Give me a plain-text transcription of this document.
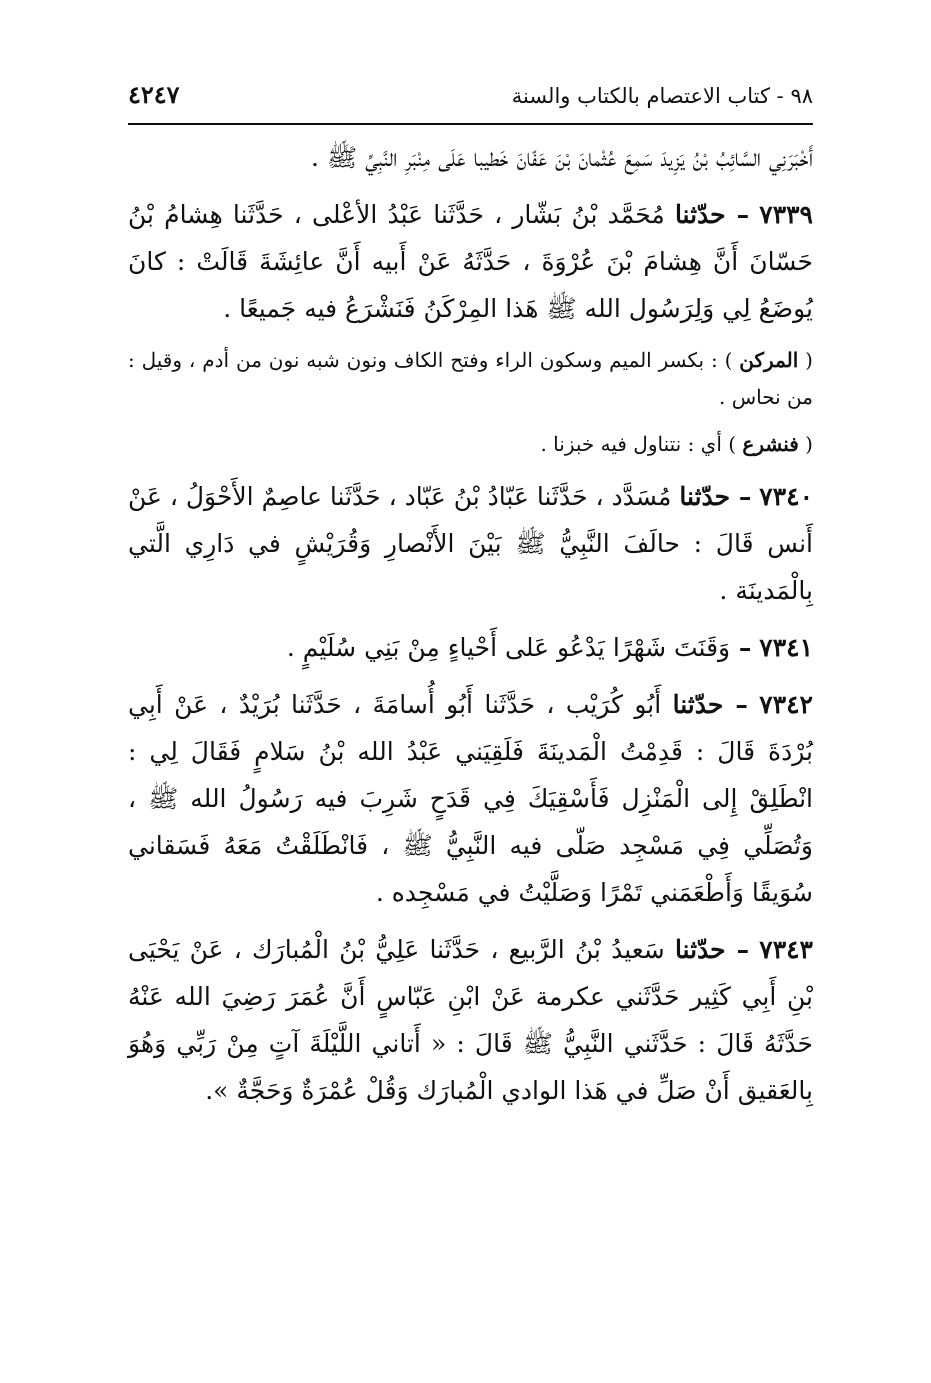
٩٨ - كتاب الاعتصام بالكتاب والسنة
٤٢٤٧

أَخْبَرَنِي السَّائِبُ بْنُ يَزِيدَ سَمِعَ عُثْمانَ بْنَ عَفّانَ خَطيبا عَلَى مِنْبَرِ النَّبِيِّ ﷺ .

٧٣٣٩ – حدّثنا مُحَمَّد بْنُ بَشّار ، حَدَّثَنا عَبْدُ الأعْلى ، حَدَّثَنا هِشامُ بْنُ حَسّانَ أَنَّ هِشامَ بْنَ عُرْوَةَ ، حَدَّثَهُ عَنْ أَبيه أَنَّ عائِشَةَ قَالَتْ : كانَ يُوضَعُ لِي وَلِرَسُول الله ﷺ هَذا المِرْكَنُ فَنَشْرَعُ فيه جَميعًا .

( المركن ) : بكسر الميم وسكون الراء وفتح الكاف ونون شبه نون من أدم ، وقيل : من نحاس .

( فنشرع ) أي : نتناول فيه خبزنا .

٧٣٤٠ – حدّثنا مُسَدَّد ، حَدَّثَنا عَبّادُ بْنُ عَبّاد ، حَدَّثَنا عاصِمٌ الأَحْوَلُ ، عَنْ أَنس قَالَ : حالَفَ النَّبِيُّ ﷺ بَيْنَ الأَنْصارِ وَقُرَيْشٍ في دَارِي الَّتي بِالْمَدينَة .

٧٣٤١ – وَقَنَتَ شَهْرًا يَدْعُو عَلى أَحْياءٍ مِنْ بَنِي سُلَيْمٍ .

٧٣٤٢ – حدّثنا أَبُو كُرَيْب ، حَدَّثَنا أَبُو أُسامَةَ ، حَدَّثَنا بُرَيْدٌ ، عَنْ أَبِي بُرْدَةَ قَالَ : قَدِمْتُ الْمَدينَةَ فَلَقِيَني عَبْدُ الله بْنُ سَلامٍ فَقَالَ لِي : انْطَلِقْ إِلى الْمَنْزِل فَأَسْقِيَكَ فِي قَدَحٍ شَرِبَ فيه رَسُولُ الله ﷺ ، وَتُصَلِّي فِي مَسْجِد صَلّى فيه النَّبِيُّ ﷺ ، فَانْطَلَقْتُ مَعَهُ فَسَقاني سُوَيقًا وَأَطْعَمَني تَمْرًا وَصَلَّيْتُ في مَسْجِده .

٧٣٤٣ – حدّثنا سَعيدُ بْنُ الرَّبيع ، حَدَّثَنا عَلِيُّ بْنُ الْمُبارَك ، عَنْ يَحْيَى بْنِ أَبِي كَثِير حَدَّثَني عكرمة عَنْ ابْنِ عَبّاسٍ أَنَّ عُمَرَ رَضِيَ الله عَنْهُ حَدَّثَهُ قَالَ : حَدَّثَني النَّبِيُّ ﷺ قَالَ : « أَتاني اللَّيْلَةَ آتٍ مِنْ رَبِّي وَهُوَ بِالعَقيق أَنْ صَلِّ في هَذا الوادي الْمُبارَك وَقُلْ عُمْرَةٌ وَحَجَّةٌ ».
